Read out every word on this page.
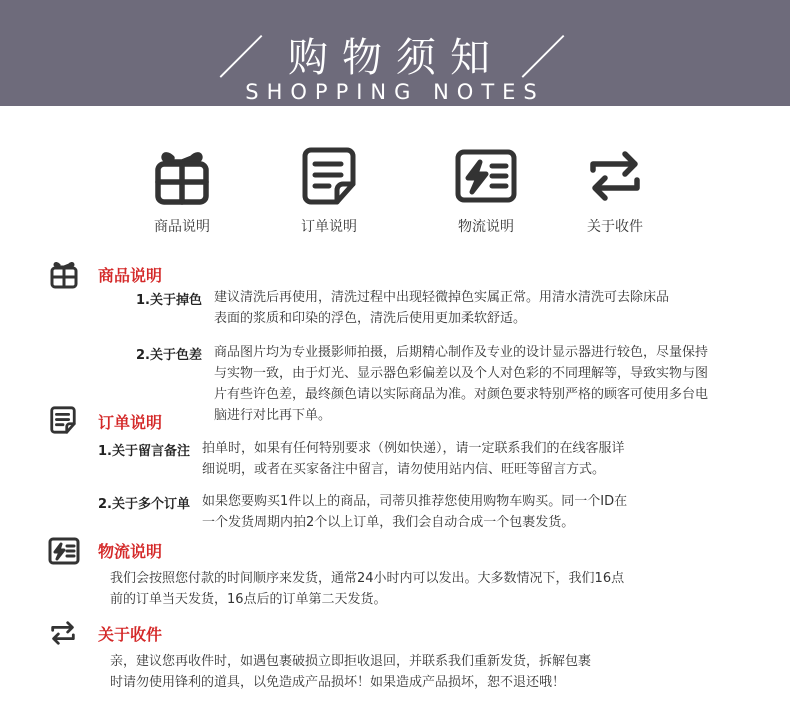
／ 购物须知 ／
SHOPPING NOTES
商品说明	订单说明	物流说明	关于收件
商品说明
1.关于掉色 建议清洗后再使用，清洗过程中出现轻微掉色实属正常。用清水清洗可去除床品
表面的浆质和印染的浮色，清洗后使用更加柔软舒适。
2.关于色差 商品图片均为专业摄影师拍摄，后期精心制作及专业的设计显示器进行较色，尽量保持
与实物一致，由于灯光、显示器色彩偏差以及个人对色彩的不同理解等，导致实物与图
片有些许色差，最终颜色请以实际商品为准。对颜色要求特别严格的顾客可使用多台电
脑进行对比再下单。
订单说明
1.关于留言备注 拍单时，如果有任何特别要求（例如快递），请一定联系我们的在线客服详
细说明，或者在买家备注中留言，请勿使用站内信、旺旺等留言方式。
2.关于多个订单 如果您要购买1件以上的商品，司蒂贝推荐您使用购物车购买。同一个ID在
一个发货周期内拍2个以上订单，我们会自动合成一个包裹发货。
物流说明
我们会按照您付款的时间顺序来发货，通常24小时内可以发出。大多数情况下，我们16点
前的订单当天发货，16点后的订单第二天发货。
关于收件
亲，建议您再收件时，如遇包裹破损立即拒收退回，并联系我们重新发货，拆解包裹
时请勿使用锋利的道具，以免造成产品损坏！如果造成产品损坏，恕不退还哦！
